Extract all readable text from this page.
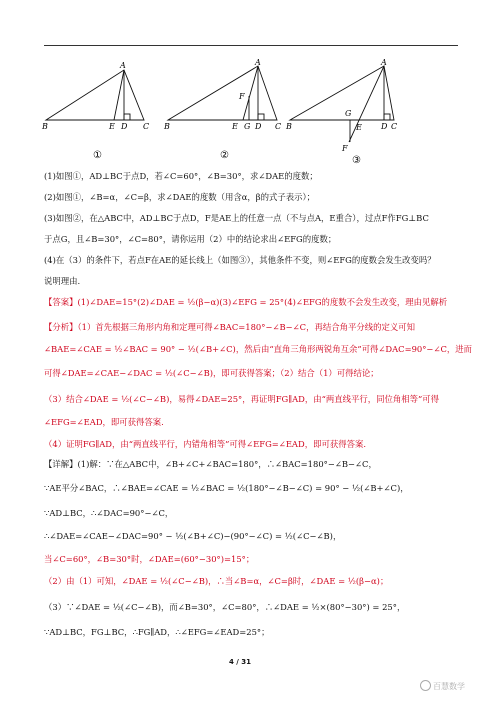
A
B	E D C
①
A
F
B	E G D C
②
A
B
G
E D C
F
③
(1)如图①，AD⊥BC于点D，若∠C=60°，∠B=30°，求∠DAE的度数；
(2)如图①，∠B=α，∠C=β，求∠DAE的度数（用含α，β的式子表示）；
(3)如图②，在△ABC中，AD⊥BC于点D，F是AE上的任意一点（不与点A，E重合），过点F作FG⊥BC
于点G，且∠B=30°，∠C=80°，请你运用（2）中的结论求出∠EFG的度数；
(4)在（3）的条件下，若点F在AE的延长线上（如图③），其他条件不变，则∠EFG的度数会发生改变吗？
说明理由.
【答案】(1)∠DAE=15°(2)∠DAE = ½(β−α)(3)∠EFG = 25°(4)∠EFG的度数不会发生改变，理由见解析
【分析】（1）首先根据三角形内角和定理可得∠BAC=180°−∠B−∠C，再结合角平分线的定义可知
∠BAE=∠CAE = ½∠BAC = 90° − ½(∠B+∠C)，然后由“直角三角形两锐角互余”可得∠DAC=90°−∠C，进而
可得∠DAE=∠CAE−∠DAC = ½(∠C−∠B)，即可获得答案；（2）结合（1）可得结论；
（3）结合∠DAE = ½(∠C−∠B)，易得∠DAE=25°，再证明FG∥AD，由“两直线平行，同位角相等”可得
∠EFG=∠EAD，即可获得答案.
（4）证明FG∥AD，由“两直线平行，内错角相等”可得∠EFG=∠EAD，即可获得答案.
【详解】(1)解：∵在△ABC中，∠B+∠C+∠BAC=180°，∴∠BAC=180°−∠B−∠C，
∵AE平分∠BAC，∴∠BAE=∠CAE = ½∠BAC = ½(180°−∠B−∠C) = 90° − ½(∠B+∠C)，
∵AD⊥BC，∴∠DAC=90°−∠C，
∴∠DAE=∠CAE−∠DAC=90° − ½(∠B+∠C)−(90°−∠C) = ½(∠C−∠B)，
当∠C=60°，∠B=30°时，∠DAE=(60°−30°)=15°；
（2）由（1）可知，∠DAE = ½(∠C−∠B)，∴当∠B=α，∠C=β时，∠DAE = ½(β−α)；
（3）∵∠DAE = ½(∠C−∠B)，而∠B=30°，∠C=80°，∴∠DAE = ½×(80°−30°) = 25°，
∵AD⊥BC，FG⊥BC，∴FG∥AD，∴∠EFG=∠EAD=25°；
4 / 31
百慧数学
